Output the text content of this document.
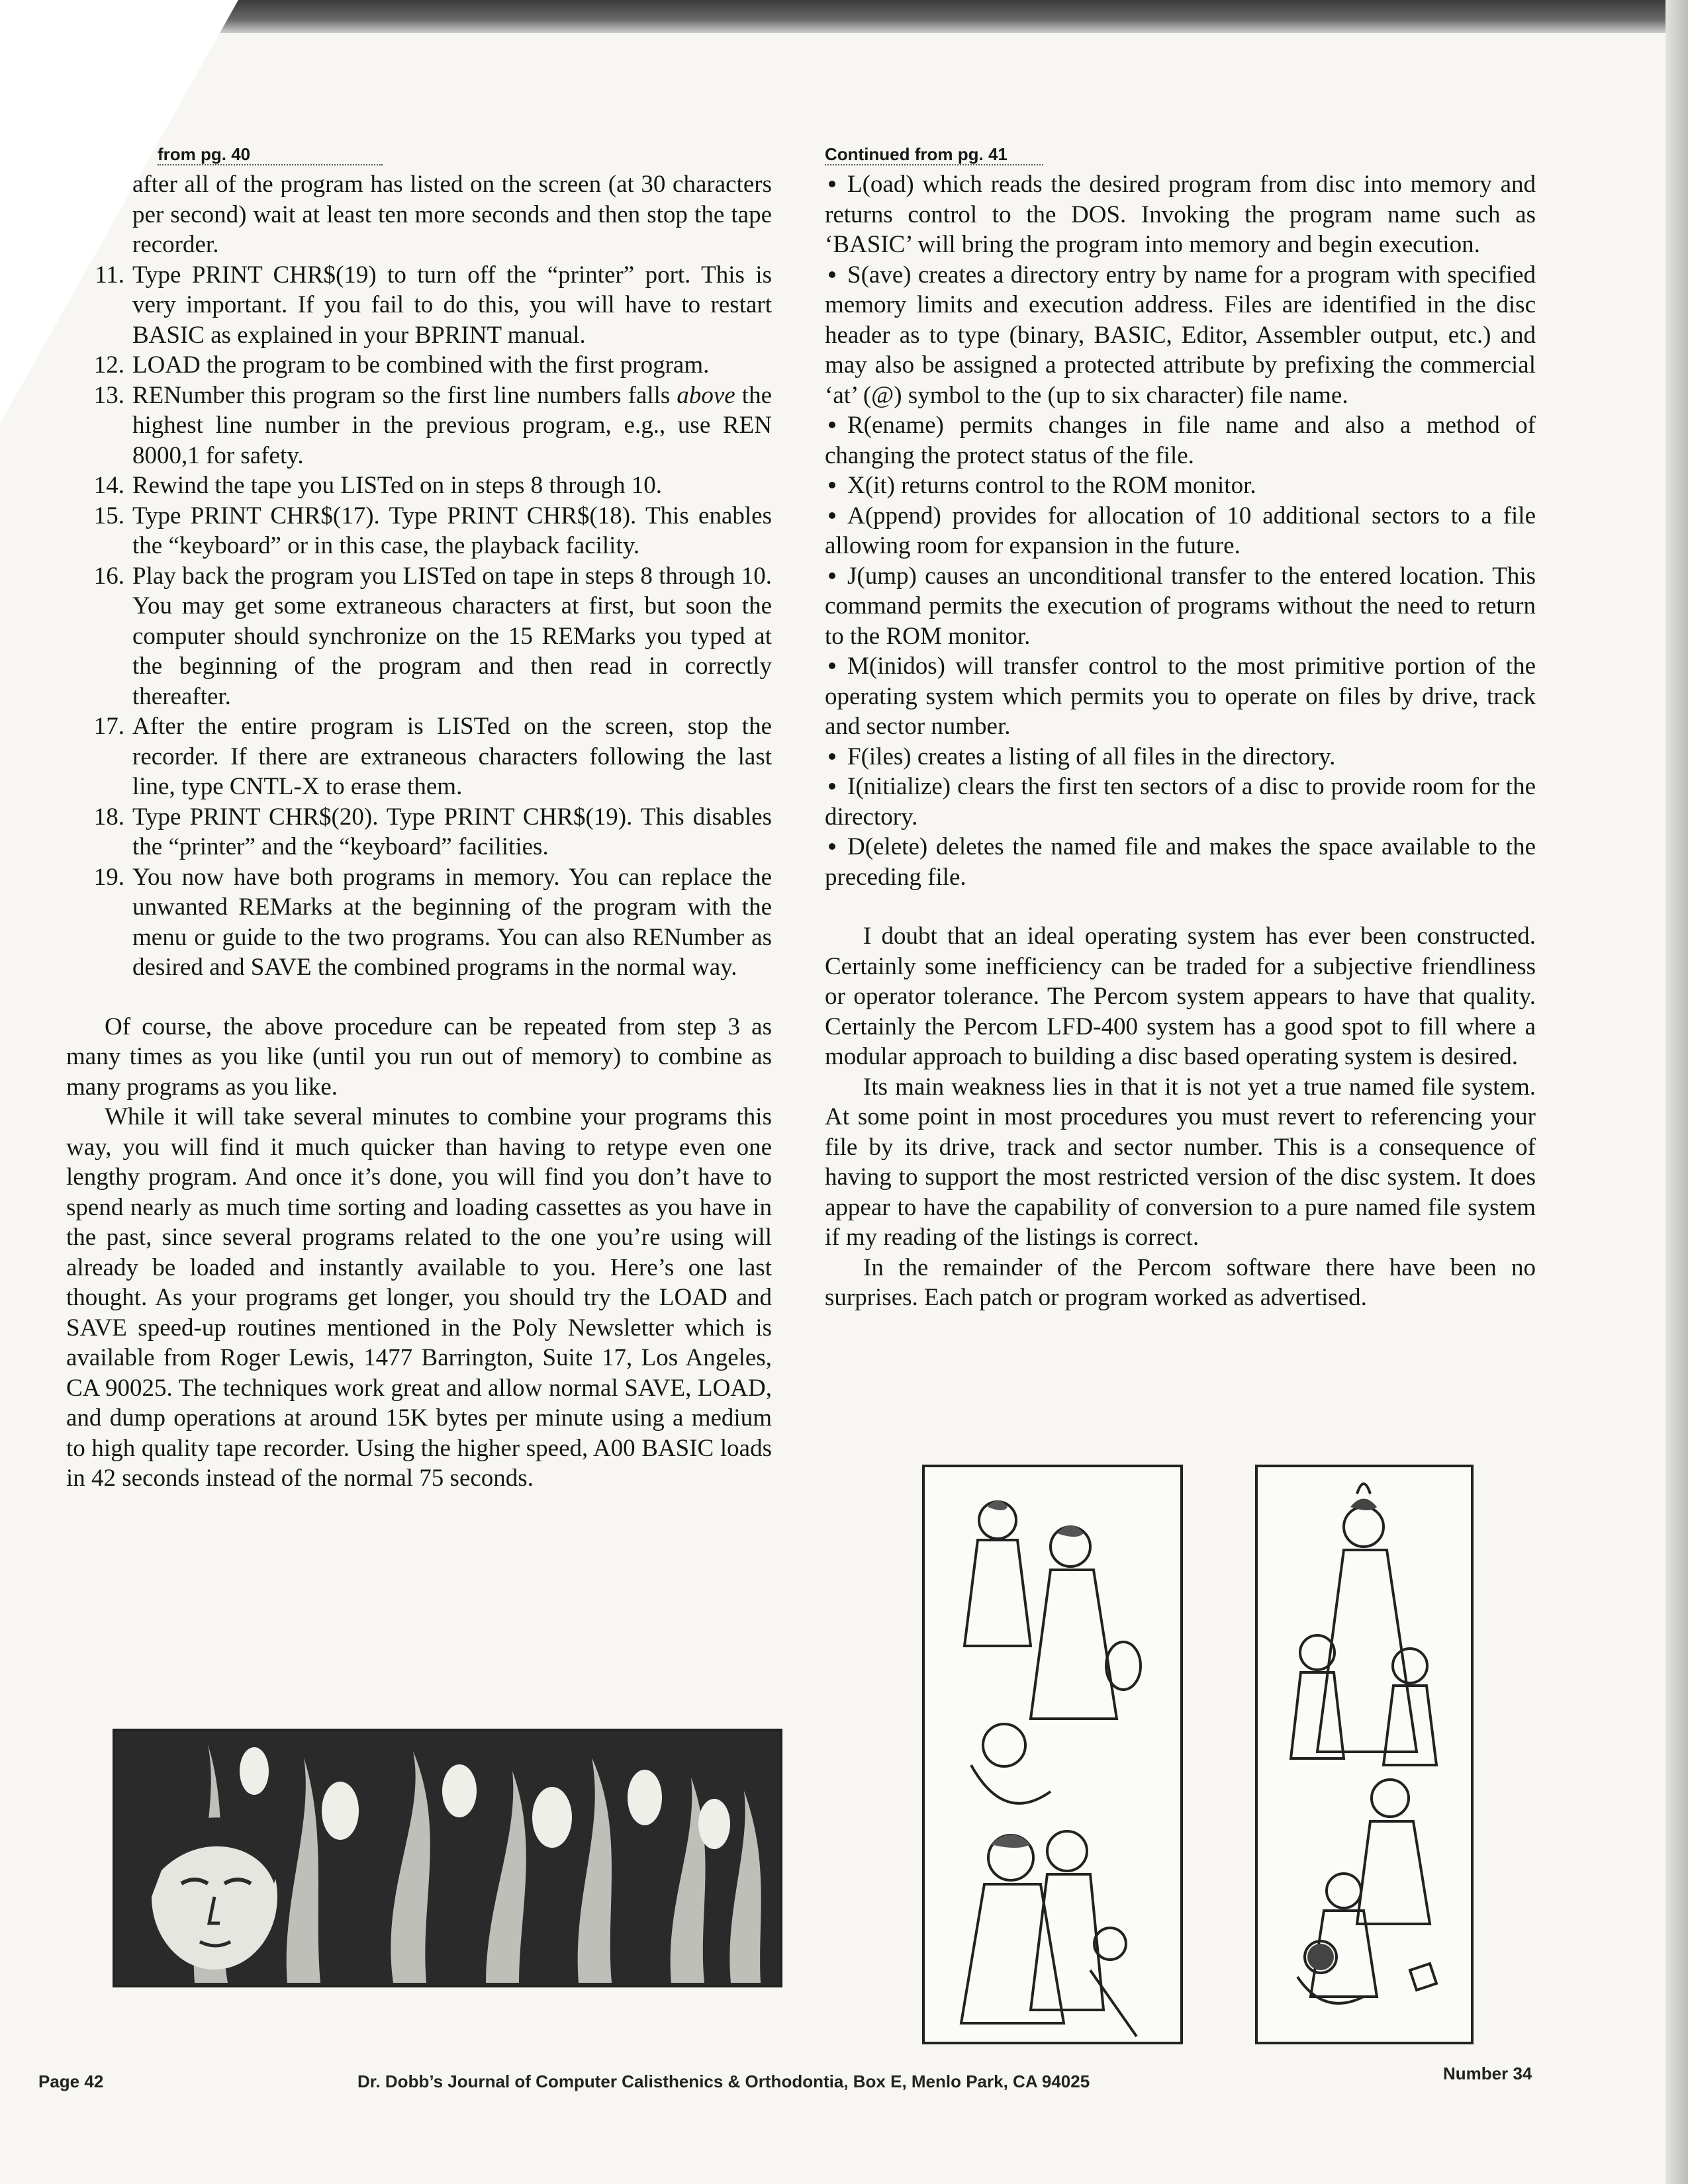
from pg. 40
after all of the program has listed on the screen (at 30 characters per second) wait at least ten more seconds and then stop the tape recorder.
11. Type PRINT CHR$(19) to turn off the “printer” port. This is very important. If you fail to do this, you will have to restart BASIC as explained in your BPRINT manual.
12. LOAD the program to be combined with the first program.
13. RENumber this program so the first line numbers falls above the highest line number in the previous program, e.g., use REN 8000,1 for safety.
14. Rewind the tape you LISTed on in steps 8 through 10.
15. Type PRINT CHR$(17). Type PRINT CHR$(18). This enables the “keyboard” or in this case, the playback facility.
16. Play back the program you LISTed on tape in steps 8 through 10. You may get some extraneous characters at first, but soon the computer should synchronize on the 15 REMarks you typed at the beginning of the program and then read in correctly thereafter.
17. After the entire program is LISTed on the screen, stop the recorder. If there are extraneous characters following the last line, type CNTL-X to erase them.
18. Type PRINT CHR$(20). Type PRINT CHR$(19). This disables the “printer” and the “keyboard” facilities.
19. You now have both programs in memory. You can replace the unwanted REMarks at the beginning of the program with the menu or guide to the two programs. You can also RENumber as desired and SAVE the combined programs in the normal way.

Of course, the above procedure can be repeated from step 3 as many times as you like (until you run out of memory) to combine as many programs as you like.

While it will take several minutes to combine your programs this way, you will find it much quicker than having to retype even one lengthy program. And once it’s done, you will find you don’t have to spend nearly as much time sorting and loading cassettes as you have in the past, since several programs related to the one you’re using will already be loaded and instantly available to you. Here’s one last thought. As your programs get longer, you should try the LOAD and SAVE speed-up routines mentioned in the Poly Newsletter which is available from Roger Lewis, 1477 Barrington, Suite 17, Los Angeles, CA 90025. The techniques work great and allow normal SAVE, LOAD, and dump operations at around 15K bytes per minute using a medium to high quality tape recorder. Using the higher speed, A00 BASIC loads in 42 seconds instead of the normal 75 seconds.

Continued from pg. 41

L(oad) which reads the desired program from disc into memory and returns control to the DOS. Invoking the program name such as ‘BASIC’ will bring the program into memory and begin execution.

S(ave) creates a directory entry by name for a program with specified memory limits and execution address. Files are identified in the disc header as to type (binary, BASIC, Editor, Assembler output, etc.) and may also be assigned a protected attribute by prefixing the commercial ‘at’ (@) symbol to the (up to six character) file name.

R(ename) permits changes in file name and also a method of changing the protect status of the file.

X(it) returns control to the ROM monitor.

A(ppend) provides for allocation of 10 additional sectors to a file allowing room for expansion in the future.

J(ump) causes an unconditional transfer to the entered location. This command permits the execution of programs without the need to return to the ROM monitor.

M(inidos) will transfer control to the most primitive portion of the operating system which permits you to operate on files by drive, track and sector number.

F(iles) creates a listing of all files in the directory.

I(nitialize) clears the first ten sectors of a disc to provide room for the directory.

D(elete) deletes the named file and makes the space available to the preceding file.

I doubt that an ideal operating system has ever been constructed. Certainly some inefficiency can be traded for a subjective friendliness or operator tolerance. The Percom system appears to have that quality. Certainly the Percom LFD-400 system has a good spot to fill where a modular approach to building a disc based operating system is desired.

Its main weakness lies in that it is not yet a true named file system. At some point in most procedures you must revert to referencing your file by its drive, track and sector number. This is a consequence of having to support the most restricted version of the disc system. It does appear to have the capability of conversion to a pure named file system if my reading of the listings is correct.

In the remainder of the Percom software there have been no surprises. Each patch or program worked as advertised.

Page 42	Dr. Dobb’s Journal of Computer Calisthenics & Orthodontia, Box E, Menlo Park, CA 94025	Number 34
